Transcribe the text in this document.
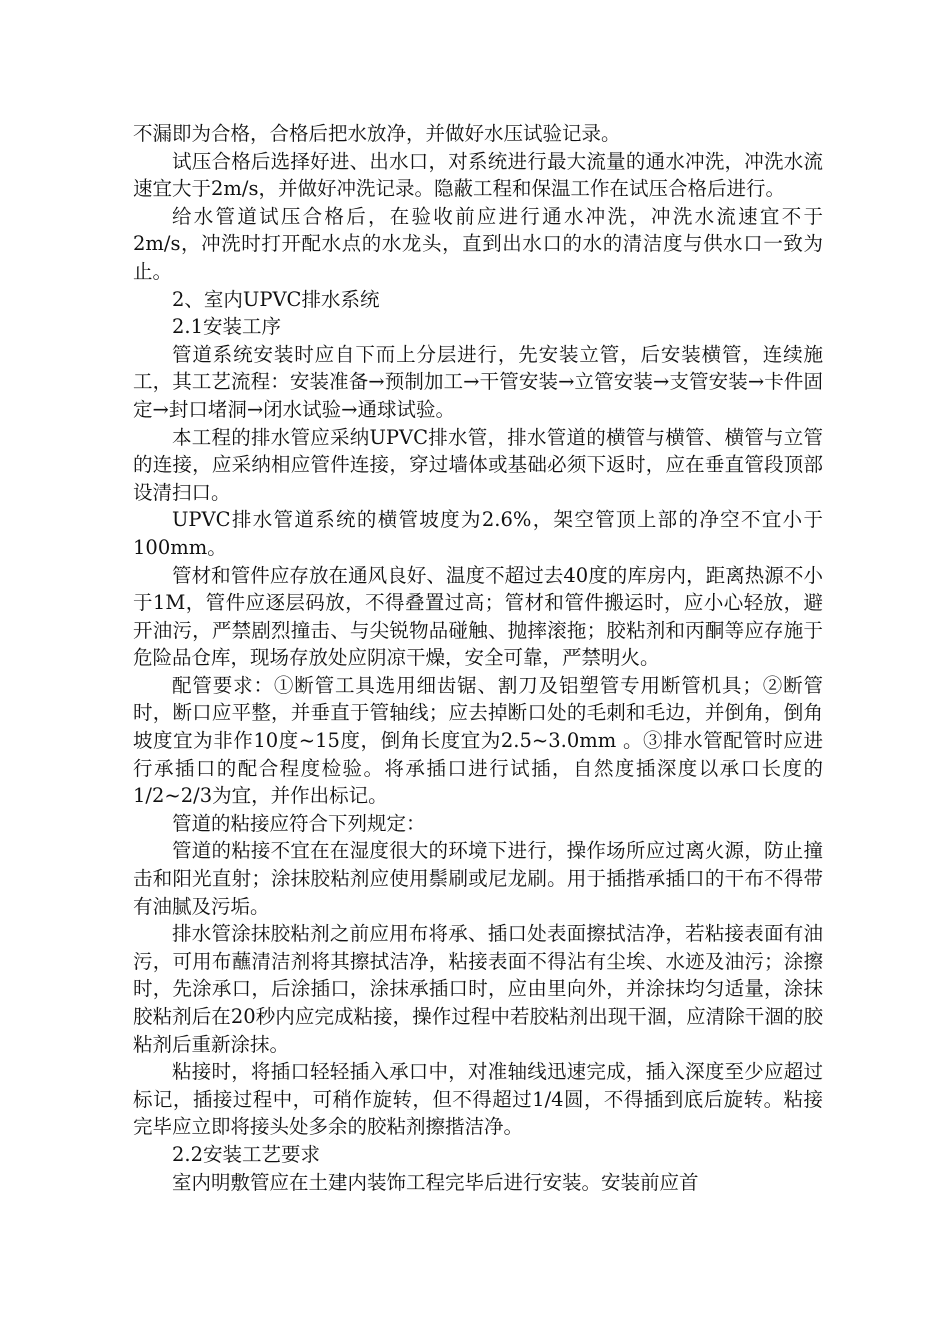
不漏即为合格，合格后把水放净，并做好水压试验记录。

试压合格后选择好进、出水口，对系统进行最大流量的通水冲洗，冲洗水流速宜大于2m/s，并做好冲洗记录。隐蔽工程和保温工作在试压合格后进行。

给水管道试压合格后，在验收前应进行通水冲洗，冲洗水流速宜不于2m/s，冲洗时打开配水点的水龙头，直到出水口的水的清洁度与供水口一致为止。

2、室内UPVC排水系统

2.1安装工序

管道系统安装时应自下而上分层进行，先安装立管，后安装横管，连续施工，其工艺流程：安装准备→预制加工→干管安装→立管安装→支管安装→卡件固定→封口堵洞→闭水试验→通球试验。

本工程的排水管应采纳UPVC排水管，排水管道的横管与横管、横管与立管的连接，应采纳相应管件连接，穿过墙体或基础必须下返时，应在垂直管段顶部设清扫口。

UPVC排水管道系统的横管坡度为2.6%，架空管顶上部的净空不宜小于100mm。

管材和管件应存放在通风良好、温度不超过去40度的库房内，距离热源不小于1M，管件应逐层码放，不得叠置过高；管材和管件搬运时，应小心轻放，避开油污，严禁剧烈撞击、与尖锐物品碰触、抛摔滚拖；胶粘剂和丙酮等应存施于危险品仓库，现场存放处应阴凉干燥，安全可靠，严禁明火。

配管要求：①断管工具选用细齿锯、割刀及铝塑管专用断管机具；②断管时，断口应平整，并垂直于管轴线；应去掉断口处的毛刺和毛边，并倒角，倒角坡度宜为非作10度~15度，倒角长度宜为2.5~3.0mm 。③排水管配管时应进行承插口的配合程度检验。将承插口进行试插，自然度插深度以承口长度的1/2~2/3为宜，并作出标记。

管道的粘接应符合下列规定：

管道的粘接不宜在在湿度很大的环境下进行，操作场所应过离火源，防止撞击和阳光直射；涂抹胶粘剂应使用鬃刷或尼龙刷。用于插揩承插口的干布不得带有油腻及污垢。

排水管涂抹胶粘剂之前应用布将承、插口处表面擦拭洁净，若粘接表面有油污，可用布蘸清洁剂将其擦拭洁净，粘接表面不得沾有尘埃、水迹及油污；涂擦时，先涂承口，后涂插口，涂抹承插口时，应由里向外，并涂抹均匀适量，涂抹胶粘剂后在20秒内应完成粘接，操作过程中若胶粘剂出现干涸，应清除干涸的胶粘剂后重新涂抹。

粘接时，将插口轻轻插入承口中，对准轴线迅速完成，插入深度至少应超过标记，插接过程中，可稍作旋转，但不得超过1/4圆，不得插到底后旋转。粘接完毕应立即将接头处多余的胶粘剂擦揩洁净。

2.2安装工艺要求

室内明敷管应在土建内装饰工程完毕后进行安装。安装前应首
